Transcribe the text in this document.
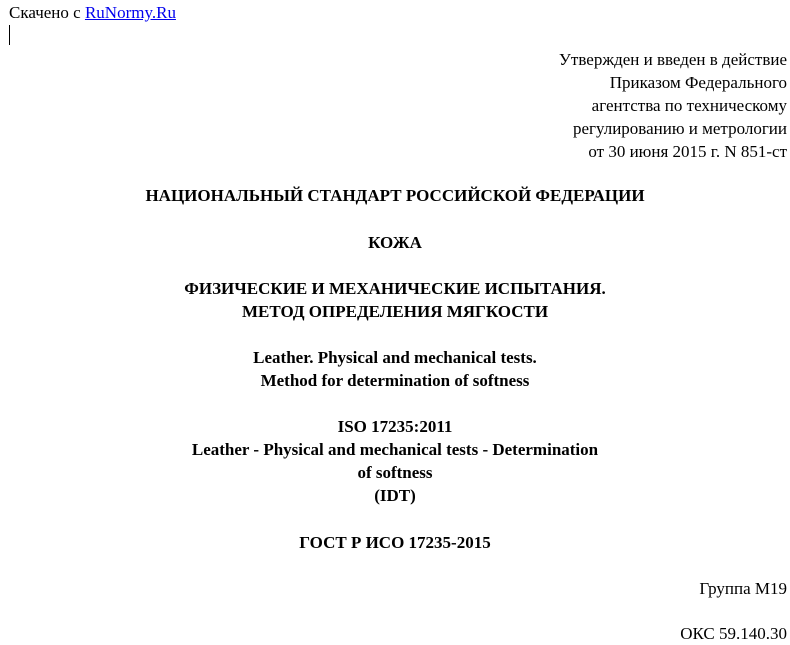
Скачено с RuNormy.Ru
Утвержден и введен в действие
Приказом Федерального
агентства по техническому
регулированию и метрологии
от 30 июня 2015 г. N 851-ст
НАЦИОНАЛЬНЫЙ СТАНДАРТ РОССИЙСКОЙ ФЕДЕРАЦИИ
КОЖА
ФИЗИЧЕСКИЕ И МЕХАНИЧЕСКИЕ ИСПЫТАНИЯ.
МЕТОД ОПРЕДЕЛЕНИЯ МЯГКОСТИ
Leather. Physical and mechanical tests.
Method for determination of softness
ISO 17235:2011
Leather - Physical and mechanical tests - Determination
of softness
(IDT)
ГОСТ Р ИСО 17235-2015
Группа М19
ОКС 59.140.30
